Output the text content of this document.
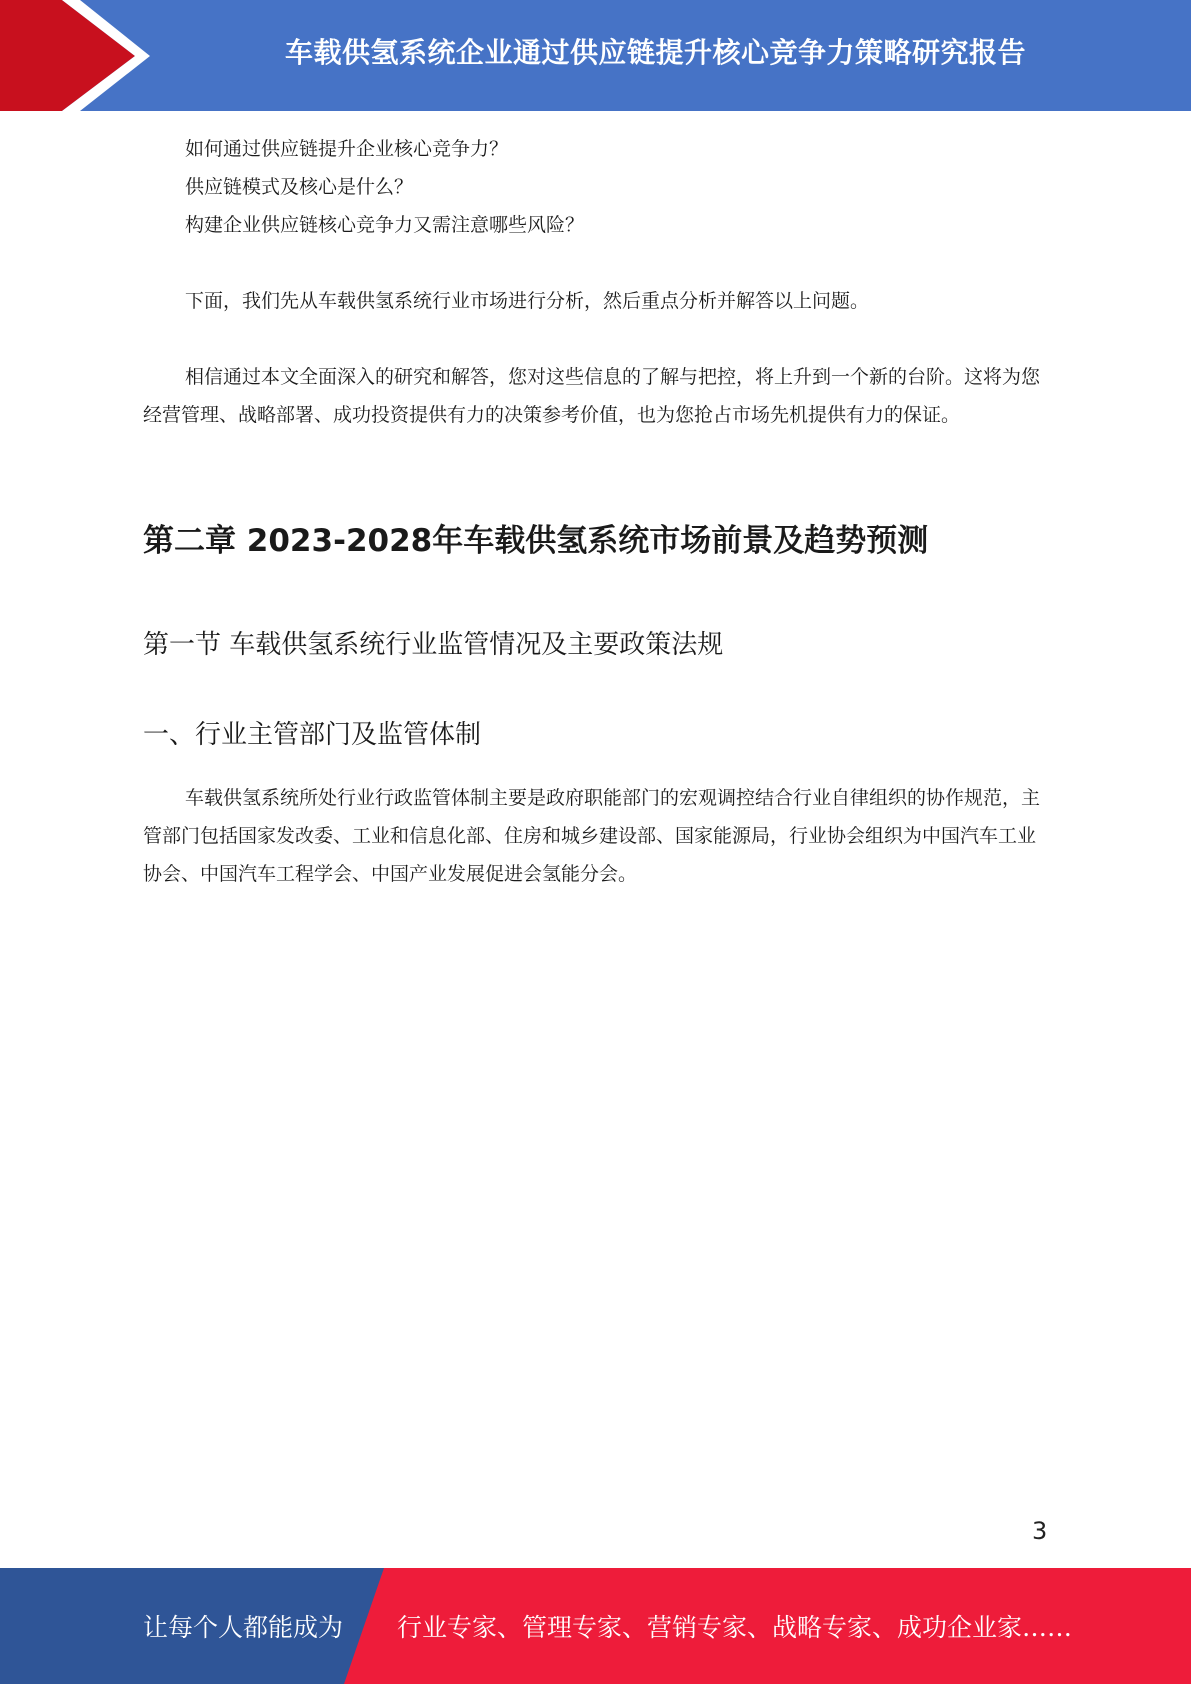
车载供氢系统企业通过供应链提升核心竞争力策略研究报告

如何通过供应链提升企业核心竞争力？

供应链模式及核心是什么？

构建企业供应链核心竞争力又需注意哪些风险？

下面，我们先从车载供氢系统行业市场进行分析，然后重点分析并解答以上问题。

相信通过本文全面深入的研究和解答，您对这些信息的了解与把控，将上升到一个新的台阶。这将为您经营管理、战略部署、成功投资提供有力的决策参考价值，也为您抢占市场先机提供有力的保证。

第二章 2023-2028年车载供氢系统市场前景及趋势预测
第一节 车载供氢系统行业监管情况及主要政策法规
一、行业主管部门及监管体制

车载供氢系统所处行业行政监管体制主要是政府职能部门的宏观调控结合行业自律组织的协作规范，主管部门包括国家发改委、工业和信息化部、住房和城乡建设部、国家能源局，行业协会组织为中国汽车工业协会、中国汽车工程学会、中国产业发展促进会氢能分会。

3
让每个人都能成为 行业专家、管理专家、营销专家、战略专家、成功企业家……
